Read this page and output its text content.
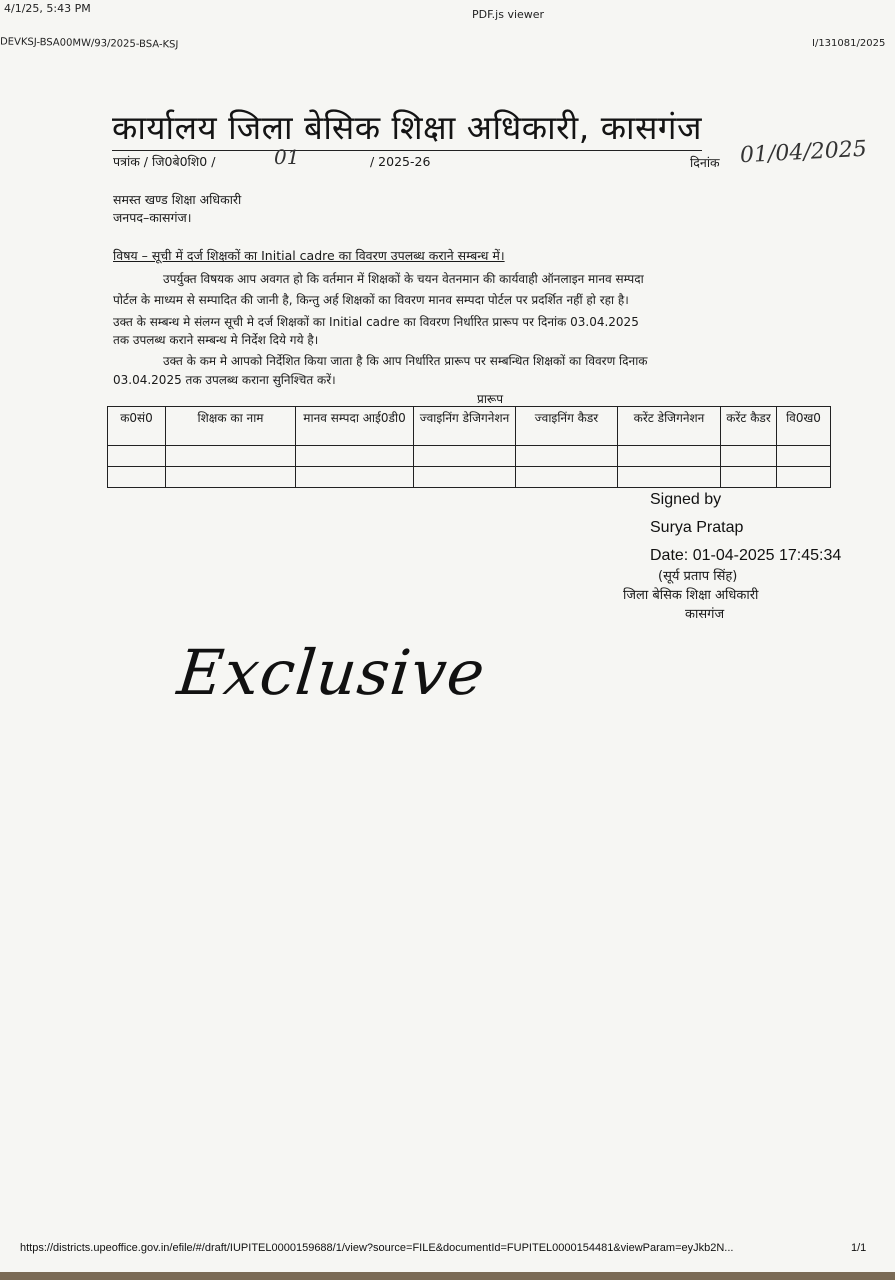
4/1/25, 5:43 PM	PDF.js viewer
DEVKSJ-BSA00MW/93/2025-BSA-KSJ	I/131081/2025
कार्यालय जिला बेसिक शिक्षा अधिकारी, कासगंज
पत्रांक / जि0बे0शि0 /	01	/ 2025-26	दिनांक 01/04/2025
समस्त खण्ड शिक्षा अधिकारी
जनपद–कासगंज।
विषय – सूची में दर्ज शिक्षकों का Initial cadre का विवरण उपलब्ध कराने सम्बन्ध में।
उपर्युक्त विषयक आप अवगत हो कि वर्तमान में शिक्षकों के चयन वेतनमान की कार्यवाही ऑनलाइन मानव सम्पदा
पोर्टल के माध्यम से सम्पादित की जानी है, किन्तु अर्ह शिक्षकों का विवरण मानव सम्पदा पोर्टल पर प्रदर्शित नहीं हो रहा है।
उक्त के सम्बन्ध मे संलग्न सूची मे दर्ज शिक्षकों का Initial cadre का विवरण निर्धारित प्रारूप पर दिनांक 03.04.2025
तक उपलब्ध कराने सम्बन्ध मे निर्देश दिये गये है।
उक्त के कम मे आपको निर्देशित किया जाता है कि आप निर्धारित प्रारूप पर सम्बन्धित शिक्षकों का विवरण दिनाक
03.04.2025 तक उपलब्ध कराना सुनिश्चित करें।
प्रारूप
क0सं0	शिक्षक का नाम	मानव सम्पदा आई0डी0	ज्वाइनिंग डेजिगनेशन	ज्वाइनिंग कैडर	करेंट डेजिगनेशन	करेंट कैडर	वि0ख0

Signed by
Surya Pratap
Date: 01-04-2025 17:45:34
(सूर्य प्रताप सिंह)
जिला बेसिक शिक्षा अधिकारी
कासगंज
Exclusive
https://districts.upeoffice.gov.in/efile/#/draft/IUPITEL0000159688/1/view?source=FILE&documentId=FUPITEL0000154481&viewParam=eyJkb2N...	1/1
